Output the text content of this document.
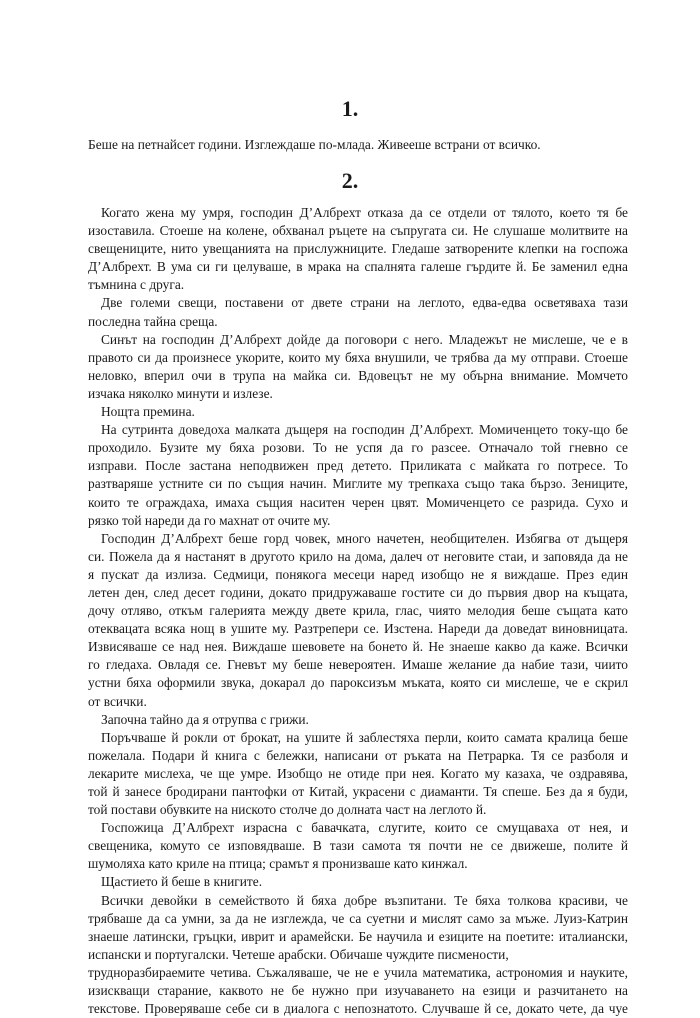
1.

Беше на петнайсет години. Изглеждаше по-млада. Живееше встрани от всичко.

2.

Когато жена му умря, господин Д’Албрехт отказа да се отдели от тялото, което тя бе
изоставила. Стоеше на колене, обхванал ръцете на съпругата си. Не слушаше молитвите на
свещениците, нито увещанията на прислужниците. Гледаше затворените клепки на госпожа
Д’Албрехт. В ума си ги целуваше, в мрака на спалнята галеше гърдите й. Бе заменил една
тъмнина с друга.

Две големи свещи, поставени от двете страни на леглото, едва-едва осветяваха тази
последна тайна среща.

Синът на господин Д’Албрехт дойде да поговори с него. Младежът не мислеше, че е в
правото си да произнесе укорите, които му бяха внушили, че трябва да му отправи. Стоеше
неловко, вперил очи в трупа на майка си. Вдовецът не му обърна внимание. Момчето
изчака няколко минути и излезе.

Нощта премина.

На сутринта доведоха малката дъщеря на господин Д’Албрехт. Момиченцето току-що бе
проходило. Бузите му бяха розови. То не успя да го разсее. Отначало той гневно се
изправи. После застана неподвижен пред детето. Приликата с майката го потресе. То
разтваряше устните си по същия начин. Миглите му трепкаха също така бързо. Зениците,
които те ограждаха, имаха същия наситен черен цвят. Момиченцето се разрида. Сухо и
рязко той нареди да го махнат от очите му.

Господин Д’Албрехт беше горд човек, много начетен, необщителен. Избягва от дъщеря
си. Пожела да я настанят в другото крило на дома, далеч от неговите стаи, и заповяда да не
я пускат да излиза. Седмици, понякога месеци наред изобщо не я виждаше. През един
летен ден, след десет години, докато придружаваше гостите си до първия двор на къщата,
дочу отляво, откъм галерията между двете крила, глас, чиято мелодия беше същата като
отеквацата всяка нощ в ушите му. Разтрепери се. Изстена. Нареди да доведат виновницата.
Извисяваше се над нея. Виждаше шевовете на бонето й. Не знаеше какво да каже. Всички
го гледаха. Овладя се. Гневът му беше невероятен. Имаше желание да набие тази, чиито
устни бяха оформили звука, докарал до пароксизъм мъката, която си мислеше, че е скрил
от всички.

Започна тайно да я отрупва с грижи.

Поръчваше й рокли от брокат, на ушите й заблестяха перли, които самата кралица беше
пожелала. Подари й книга с бележки, написани от ръката на Петрарка. Тя се разболя и
лекарите мислеха, че ще умре. Изобщо не отиде при нея. Когато му казаха, че оздравява,
той й занесе бродирани пантофки от Китай, украсени с диаманти. Тя спеше. Без да я буди,
той постави обувките на ниското столче до долната част на леглото й.

Госпожица Д’Албрехт израсна с бавачката, слугите, които се смущаваха от нея, и
свещеника, комуто се изповядваше. В тази самота тя почти не се движеше, полите й
шумоляха като криле на птица; срамът я пронизваше като кинжал.

Щастието й беше в книгите.

Всички девойки в семейството й бяха добре възпитани. Те бяха толкова красиви, че
трябваше да са умни, за да не изглежда, че са суетни и мислят само за мъже. Луиз-Катрин
знаеше латински, гръцки, иврит и арамейски. Бе научила и езиците на поетите: италиански,
испански и португалски. Четеше арабски. Обичаше чуждите писмености,
трудноразбираемите четива. Съжаляваше, че не е учила математика, астрономия и науките,
изискващи старание, каквото не бе нужно при изучаването на езици и разчитането на
текстове. Проверяваше себе си в диалога с непознатото. Случваше й се, докато чете, да чуе
